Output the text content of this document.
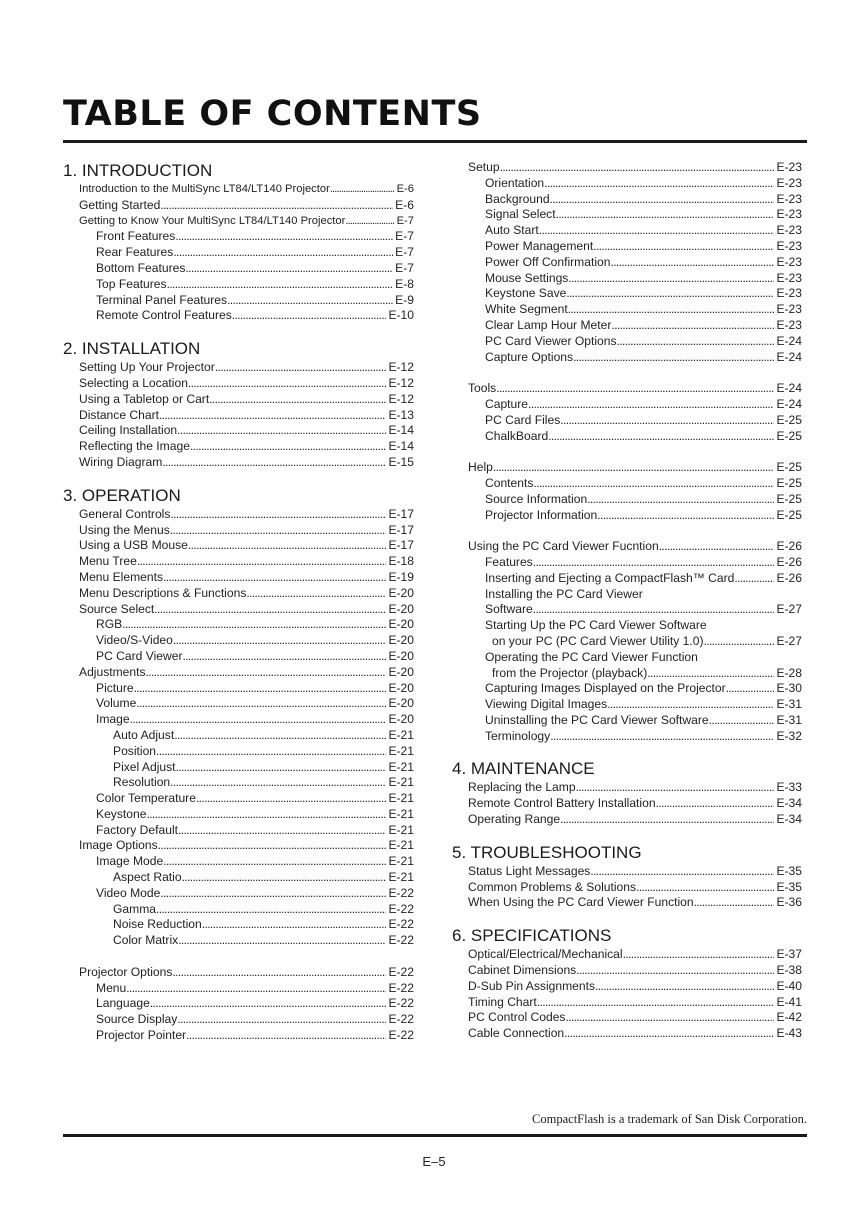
TABLE OF CONTENTS
1. INTRODUCTION
Introduction to the MultiSync LT84/LT140 Projector . . .	E-6
Getting Started . . .	E-6
Getting to Know Your MultiSync LT84/LT140 Projector . . .	E-7
Front Features . . .	E-7
Rear Features . . .	E-7
Bottom Features . . .	E-7
Top Features . . .	E-8
Terminal Panel Features . . .	E-9
Remote Control Features . . .	E-10
2. INSTALLATION
Setting Up Your Projector . . .	E-12
Selecting a Location . . .	E-12
Using a Tabletop or Cart . . .	E-12
Distance Chart . . .	E-13
Ceiling Installation . . .	E-14
Reflecting the Image . . .	E-14
Wiring Diagram . . .	E-15
3. OPERATION
General Controls . . .	E-17
Using the Menus . . .	E-17
Using a USB Mouse . . .	E-17
Menu Tree . . .	E-18
Menu Elements . . .	E-19
Menu Descriptions & Functions . . .	E-20
Source Select . . .	E-20
RGB . . .	E-20
Video/S-Video . . .	E-20
PC Card Viewer . . .	E-20
Adjustments . . .	E-20
Picture . . .	E-20
Volume . . .	E-20
Image . . .	E-20
Auto Adjust . . .	E-21
Position . . .	E-21
Pixel Adjust . . .	E-21
Resolution . . .	E-21
Color Temperature . . .	E-21
Keystone . . .	E-21
Factory Default . . .	E-21
Image Options . . .	E-21
Image Mode . . .	E-21
Aspect Ratio . . .	E-21
Video Mode . . .	E-22
Gamma . . .	E-22
Noise Reduction . . .	E-22
Color Matrix . . .	E-22
Projector Options . . .	E-22
Menu . . .	E-22
Language . . .	E-22
Source Display . . .	E-22
Projector Pointer . . .	E-22
Setup . . .	E-23
Orientation . . .	E-23
Background . . .	E-23
Signal Select . . .	E-23
Auto Start . . .	E-23
Power Management . . .	E-23
Power Off Confirmation . . .	E-23
Mouse Settings . . .	E-23
Keystone Save . . .	E-23
White Segment . . .	E-23
Clear Lamp Hour Meter . . .	E-23
PC Card Viewer Options . . .	E-24
Capture Options . . .	E-24
Tools . . .	E-24
Capture . . .	E-24
PC Card Files . . .	E-25
ChalkBoard . . .	E-25
Help . . .	E-25
Contents . . .	E-25
Source Information . . .	E-25
Projector Information . . .	E-25
Using the PC Card Viewer Fucntion . . .	E-26
Features . . .	E-26
Inserting and Ejecting a CompactFlash™ Card . . .	E-26
Installing the PC Card Viewer
Software . . .	E-27
Starting Up the PC Card Viewer Software
on your PC (PC Card Viewer Utility 1.0) . . .	E-27
Operating the PC Card Viewer Function
from the Projector (playback) . . .	E-28
Capturing Images Displayed on the Projector . . .	E-30
Viewing Digital Images . . .	E-31
Uninstalling the PC Card Viewer Software . . .	E-31
Terminology . . .	E-32
4. MAINTENANCE
Replacing the Lamp . . .	E-33
Remote Control Battery Installation . . .	E-34
Operating Range . . .	E-34
5. TROUBLESHOOTING
Status Light Messages . . .	E-35
Common Problems & Solutions . . .	E-35
When Using the PC Card Viewer Function . . .	E-36
6. SPECIFICATIONS
Optical/Electrical/Mechanical . . .	E-37
Cabinet Dimensions . . .	E-38
D-Sub Pin Assignments . . .	E-40
Timing Chart . . .	E-41
PC Control Codes . . .	E-42
Cable Connection . . .	E-43
CompactFlash is a trademark of San Disk Corporation.
E–5
